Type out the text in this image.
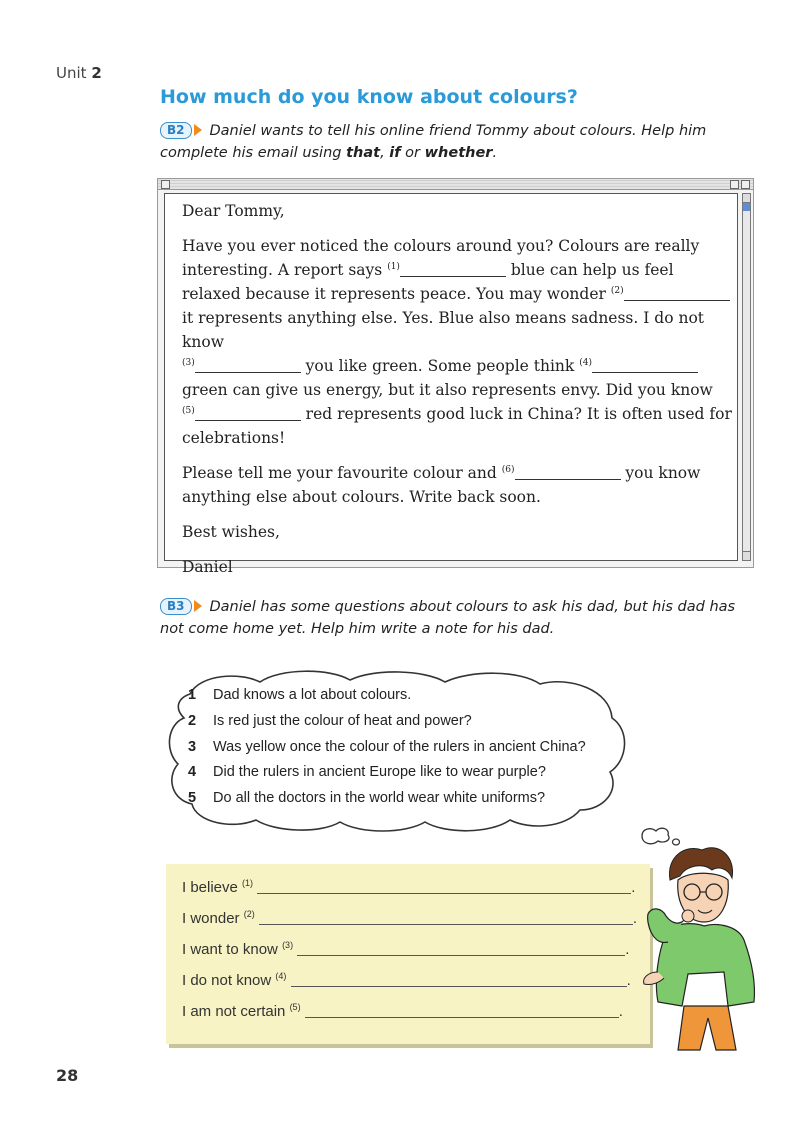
Unit 2
How much do you know about colours?
B2 Daniel wants to tell his online friend Tommy about colours. Help him complete his email using that, if or whether.

Dear Tommy,

Have you ever noticed the colours around you? Colours are really interesting. A report says $^{(1)}$	blue can help us feel relaxed because it represents peace. You may wonder $^{(2)}$ it represents anything else. Yes. Blue also means sadness. I do not know
$^{(3)}$	you like green. Some people think $^{(4)}$ green can give us energy, but it also represents envy. Did you know
$^{(5)}$	red represents good luck in China? It is often used for celebrations!

Please tell me your favourite colour and $^{(6)}$	you know anything else about colours. Write back soon.

Best wishes,

Daniel

B3 Daniel has some questions about colours to ask his dad, but his dad has not come home yet. Help him write a note for his dad.
1 Dad knows a lot about colours.
2 Is red just the colour of heat and power?
3 Was yellow once the colour of the rulers in ancient China?
4 Did the rulers in ancient Europe like to wear purple?
5 Do all the doctors in the world wear white uniforms?
I believe $^{(1)}$	.
I wonder $^{(2)}$	.
I want to know $^{(3)}$	.
I do not know $^{(4)}$	.
I am not certain $^{(5)}$	.
28
